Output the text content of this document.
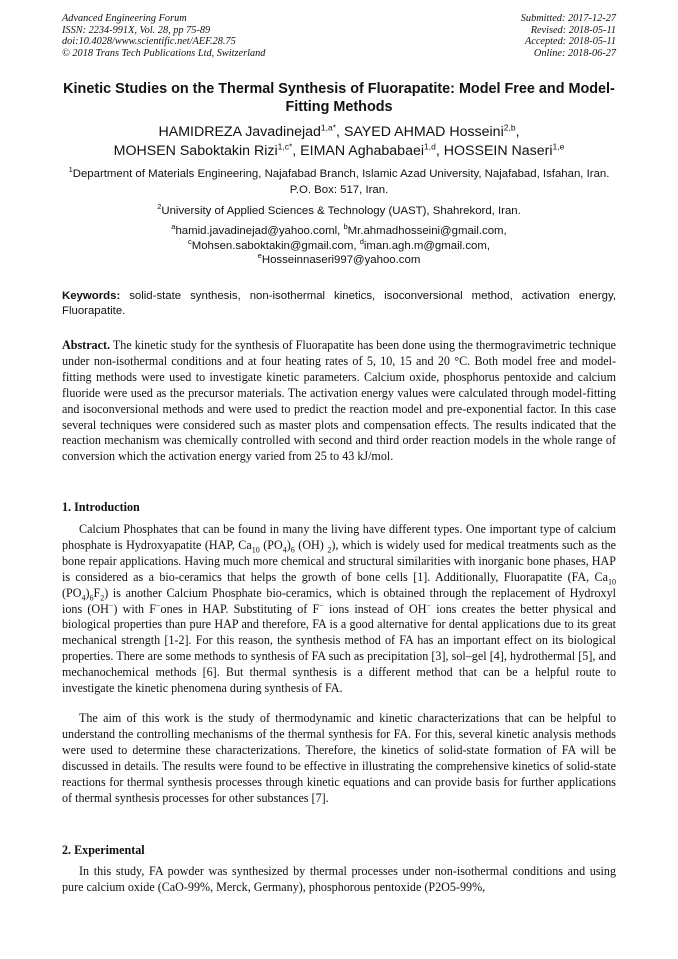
Advanced Engineering Forum
ISSN: 2234-991X, Vol. 28, pp 75-89
doi:10.4028/www.scientific.net/AEF.28.75
© 2018 Trans Tech Publications Ltd, Switzerland
Submitted: 2017-12-27
Revised: 2018-05-11
Accepted: 2018-05-11
Online: 2018-06-27
Kinetic Studies on the Thermal Synthesis of Fluorapatite: Model Free and Model-Fitting Methods
HAMIDREZA Javadinejad$^{1,a*}$, SAYED AHMAD Hosseini$^{2,b}$,
MOHSEN Saboktakin Rizi$^{1,c*}$, EIMAN Aghababaei$^{1,d}$, HOSSEIN Naseri$^{1,e}$
$^1$Department of Materials Engineering, Najafabad Branch, Islamic Azad University, Najafabad, Isfahan, Iran. P.O. Box: 517, Iran.
$^2$University of Applied Sciences & Technology (UAST), Shahrekord, Iran.
$^a$hamid.javadinejad@yahoo.coml, $^b$Mr.ahmadhosseini@gmail.com,
$^c$Mohsen.saboktakin@gmail.com, $^d$iman.agh.m@gmail.com,
$^e$Hosseinnaseri997@yahoo.com
Keywords: solid-state synthesis, non-isothermal kinetics, isoconversional method, activation energy, Fluorapatite.
Abstract. The kinetic study for the synthesis of Fluorapatite has been done using the thermogravimetric technique under non-isothermal conditions and at four heating rates of 5, 10, 15 and 20 °C. Both model free and model-fitting methods were used to investigate kinetic parameters. Calcium oxide, phosphorus pentoxide and calcium fluoride were used as the precursor materials. The activation energy values were calculated through model-fitting and isoconversional methods and were used to predict the reaction model and pre-exponential factor. In this case several techniques were considered such as master plots and compensation effects. The results indicated that the reaction mechanism was chemically controlled with second and third order reaction models in the whole range of conversion which the activation energy varied from 25 to 43 kJ/mol.
1. Introduction
Calcium Phosphates that can be found in many the living have different types. One important type of calcium phosphate is Hydroxyapatite (HAP, $Ca_{10}$ $(PO_4)_6$ (OH) $_2$), which is widely used for medical treatments such as the bone repair applications. Having much more chemical and structural similarities with inorganic bone phases, HAP is considered as a bio-ceramics that helps the growth of bone cells [1]. Additionally, Fluorapatite (FA, $Ca_{10}$ $(PO_4)_6F_2$) is another Calcium Phosphate bio-ceramics, which is obtained through the replacement of Hydroxyl ions (OH−) with F−ones in HAP. Substituting of F− ions instead of OH− ions creates the better physical and biological properties than pure HAP and therefore, FA is a good alternative for dental applications due to its great mechanical strength [1-2]. For this reason, the synthesis method of FA has an important effect on its biological properties. There are some methods to synthesis of FA such as precipitation [3], sol–gel [4], hydrothermal [5], and mechanochemical methods [6]. But thermal synthesis is a different method that can be a helpful route to investigate the kinetic phenomena during synthesis of FA.
The aim of this work is the study of thermodynamic and kinetic characterizations that can be helpful to understand the controlling mechanisms of the thermal synthesis for FA. For this, several kinetic analysis methods were used to determine these characterizations. Therefore, the kinetics of solid-state formation of FA will be discussed in details. The results were found to be effective in illustrating the comprehensive kinetics of solid-state reactions for thermal synthesis processes through kinetic equations and can provide basis for further applications of thermal synthesis processes for other substances [7].
2. Experimental
In this study, FA powder was synthesized by thermal processes under non-isothermal conditions and using pure calcium oxide (CaO-99%, Merck, Germany), phosphorous pentoxide (P2O5-99%,
